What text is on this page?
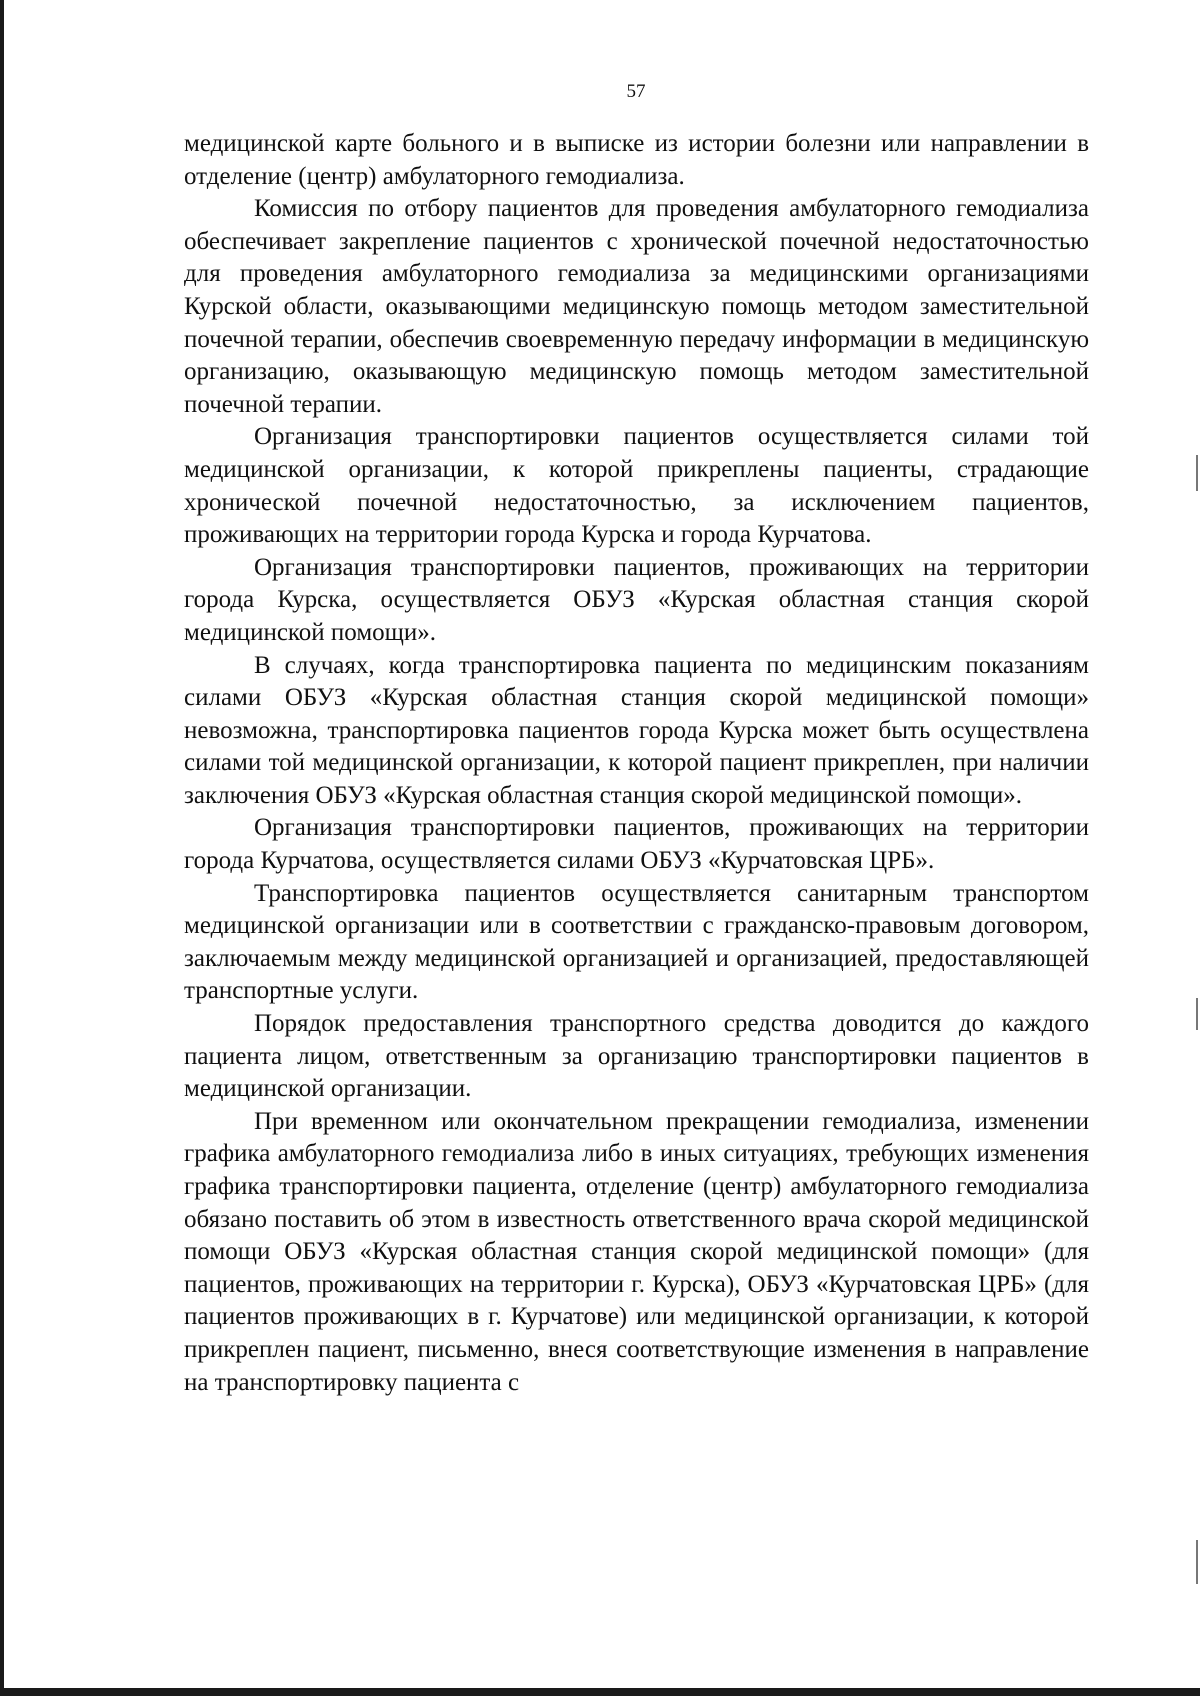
57

медицинской карте больного и в выписке из истории болезни или направлении в отделение (центр) амбулаторного гемодиализа.

Комиссия по отбору пациентов для проведения амбулаторного гемодиализа обеспечивает закрепление пациентов с хронической почечной недостаточностью для проведения амбулаторного гемодиализа за медицинскими организациями Курской области, оказывающими медицинскую помощь методом заместительной почечной терапии, обеспечив своевременную передачу информации в медицинскую организацию, оказывающую медицинскую помощь методом заместительной почечной терапии.

Организация транспортировки пациентов осуществляется силами той медицинской организации, к которой прикреплены пациенты, страдающие хронической почечной недостаточностью, за исключением пациентов, проживающих на территории города Курска и города Курчатова.

Организация транспортировки пациентов, проживающих на территории города Курска, осуществляется ОБУЗ «Курская областная станция скорой медицинской помощи».

В случаях, когда транспортировка пациента по медицинским показаниям силами ОБУЗ «Курская областная станция скорой медицинской помощи» невозможна, транспортировка пациентов города Курска может быть осуществлена силами той медицинской организации, к которой пациент прикреплен, при наличии заключения ОБУЗ «Курская областная станция скорой медицинской помощи».

Организация транспортировки пациентов, проживающих на территории города Курчатова, осуществляется силами ОБУЗ «Курчатовская ЦРБ».

Транспортировка пациентов осуществляется санитарным транспортом медицинской организации или в соответствии с гражданско-правовым договором, заключаемым между медицинской организацией и организацией, предоставляющей транспортные услуги.

Порядок предоставления транспортного средства доводится до каждого пациента лицом, ответственным за организацию транспортировки пациентов в медицинской организации.

При временном или окончательном прекращении гемодиализа, изменении графика амбулаторного гемодиализа либо в иных ситуациях, требующих изменения графика транспортировки пациента, отделение (центр) амбулаторного гемодиализа обязано поставить об этом в известность ответственного врача скорой медицинской помощи ОБУЗ «Курская областная станция скорой медицинской помощи» (для пациентов, проживающих на территории г. Курска), ОБУЗ «Курчатовская ЦРБ» (для пациентов проживающих в г. Курчатове) или медицинской организации, к которой прикреплен пациент, письменно, внеся соответствующие изменения в направление на транспортировку пациента с
